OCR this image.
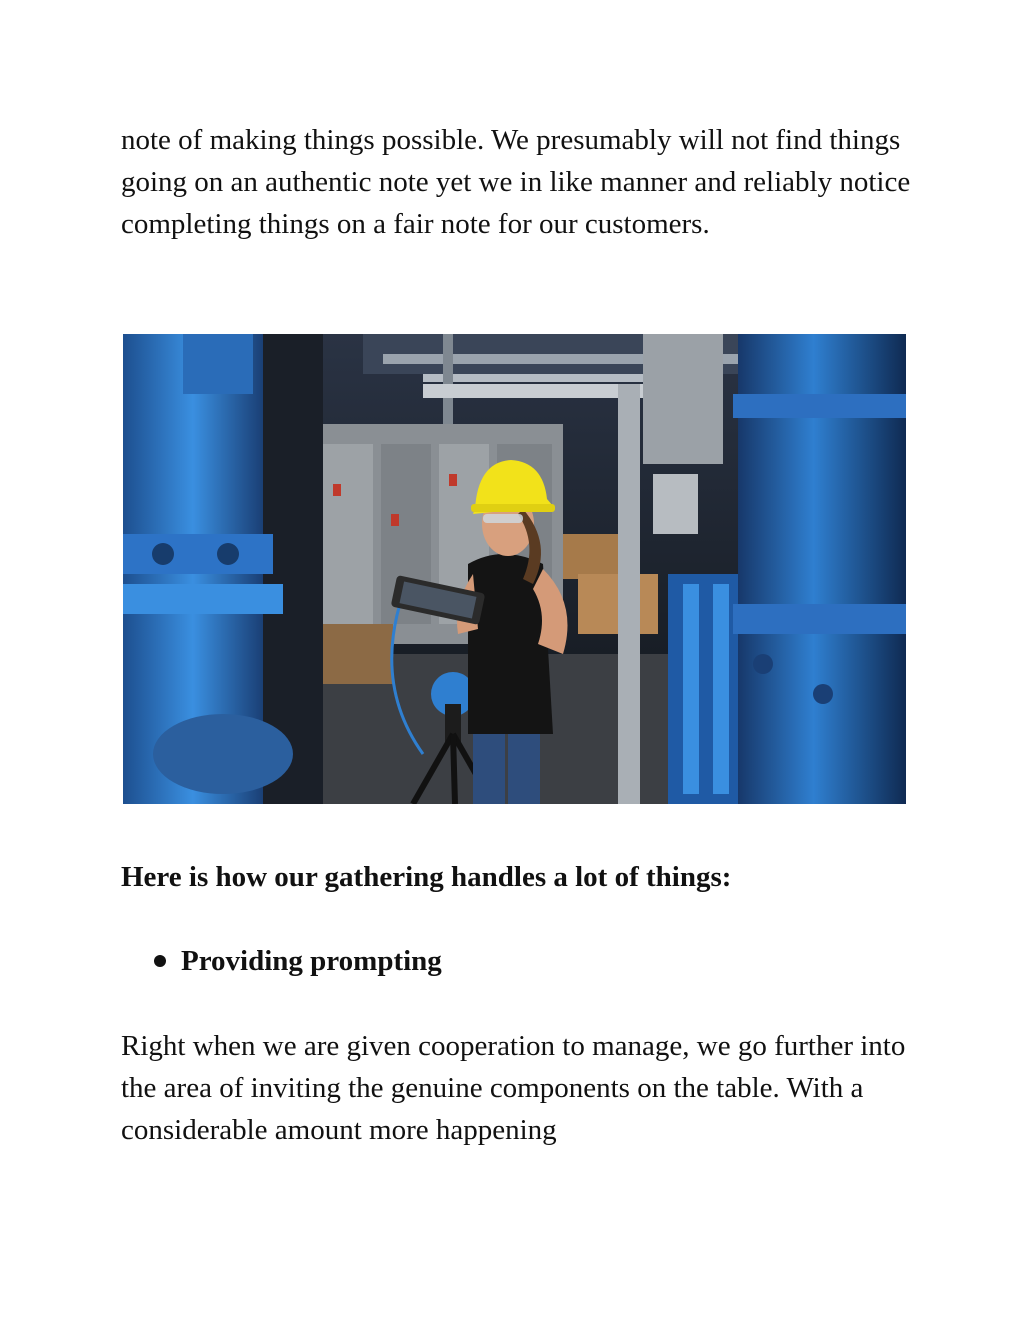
note of making things possible. We presumably will not find things going on an authentic note yet we in like manner and reliably notice completing things on a fair note for our customers.

Here is how our gathering handles a lot of things:
Providing prompting

Right when we are given cooperation to manage, we go further into the area of inviting the genuine components on the table. With a considerable amount more happening
